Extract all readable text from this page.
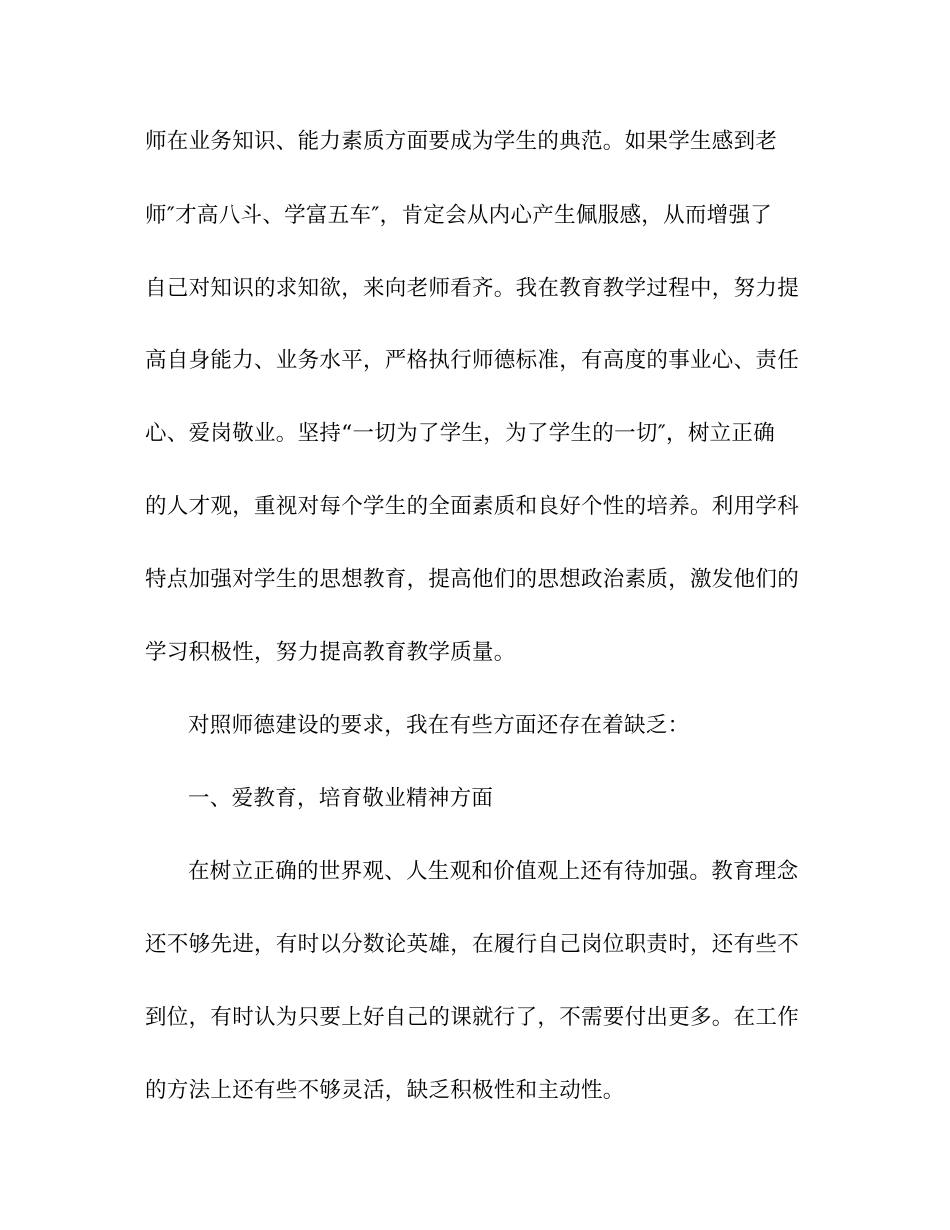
师在业务知识、能力素质方面要成为学生的典范。如果学生感到老
师″才高八斗、学富五车″，肯定会从内心产生佩服感，从而增强了
自己对知识的求知欲，来向老师看齐。我在教育教学过程中，努力提
高自身能力、业务水平，严格执行师德标准，有高度的事业心、责任
心、爱岗敬业。坚持“一切为了学生，为了学生的一切″，树立正确
的人才观，重视对每个学生的全面素质和良好个性的培养。利用学科
特点加强对学生的思想教育，提高他们的思想政治素质，激发他们的
学习积极性，努力提高教育教学质量。
对照师德建设的要求，我在有些方面还存在着缺乏：
一、爱教育，培育敬业精神方面
在树立正确的世界观、人生观和价值观上还有待加强。教育理念
还不够先进，有时以分数论英雄，在履行自己岗位职责时，还有些不
到位，有时认为只要上好自己的课就行了，不需要付出更多。在工作
的方法上还有些不够灵活，缺乏积极性和主动性。
